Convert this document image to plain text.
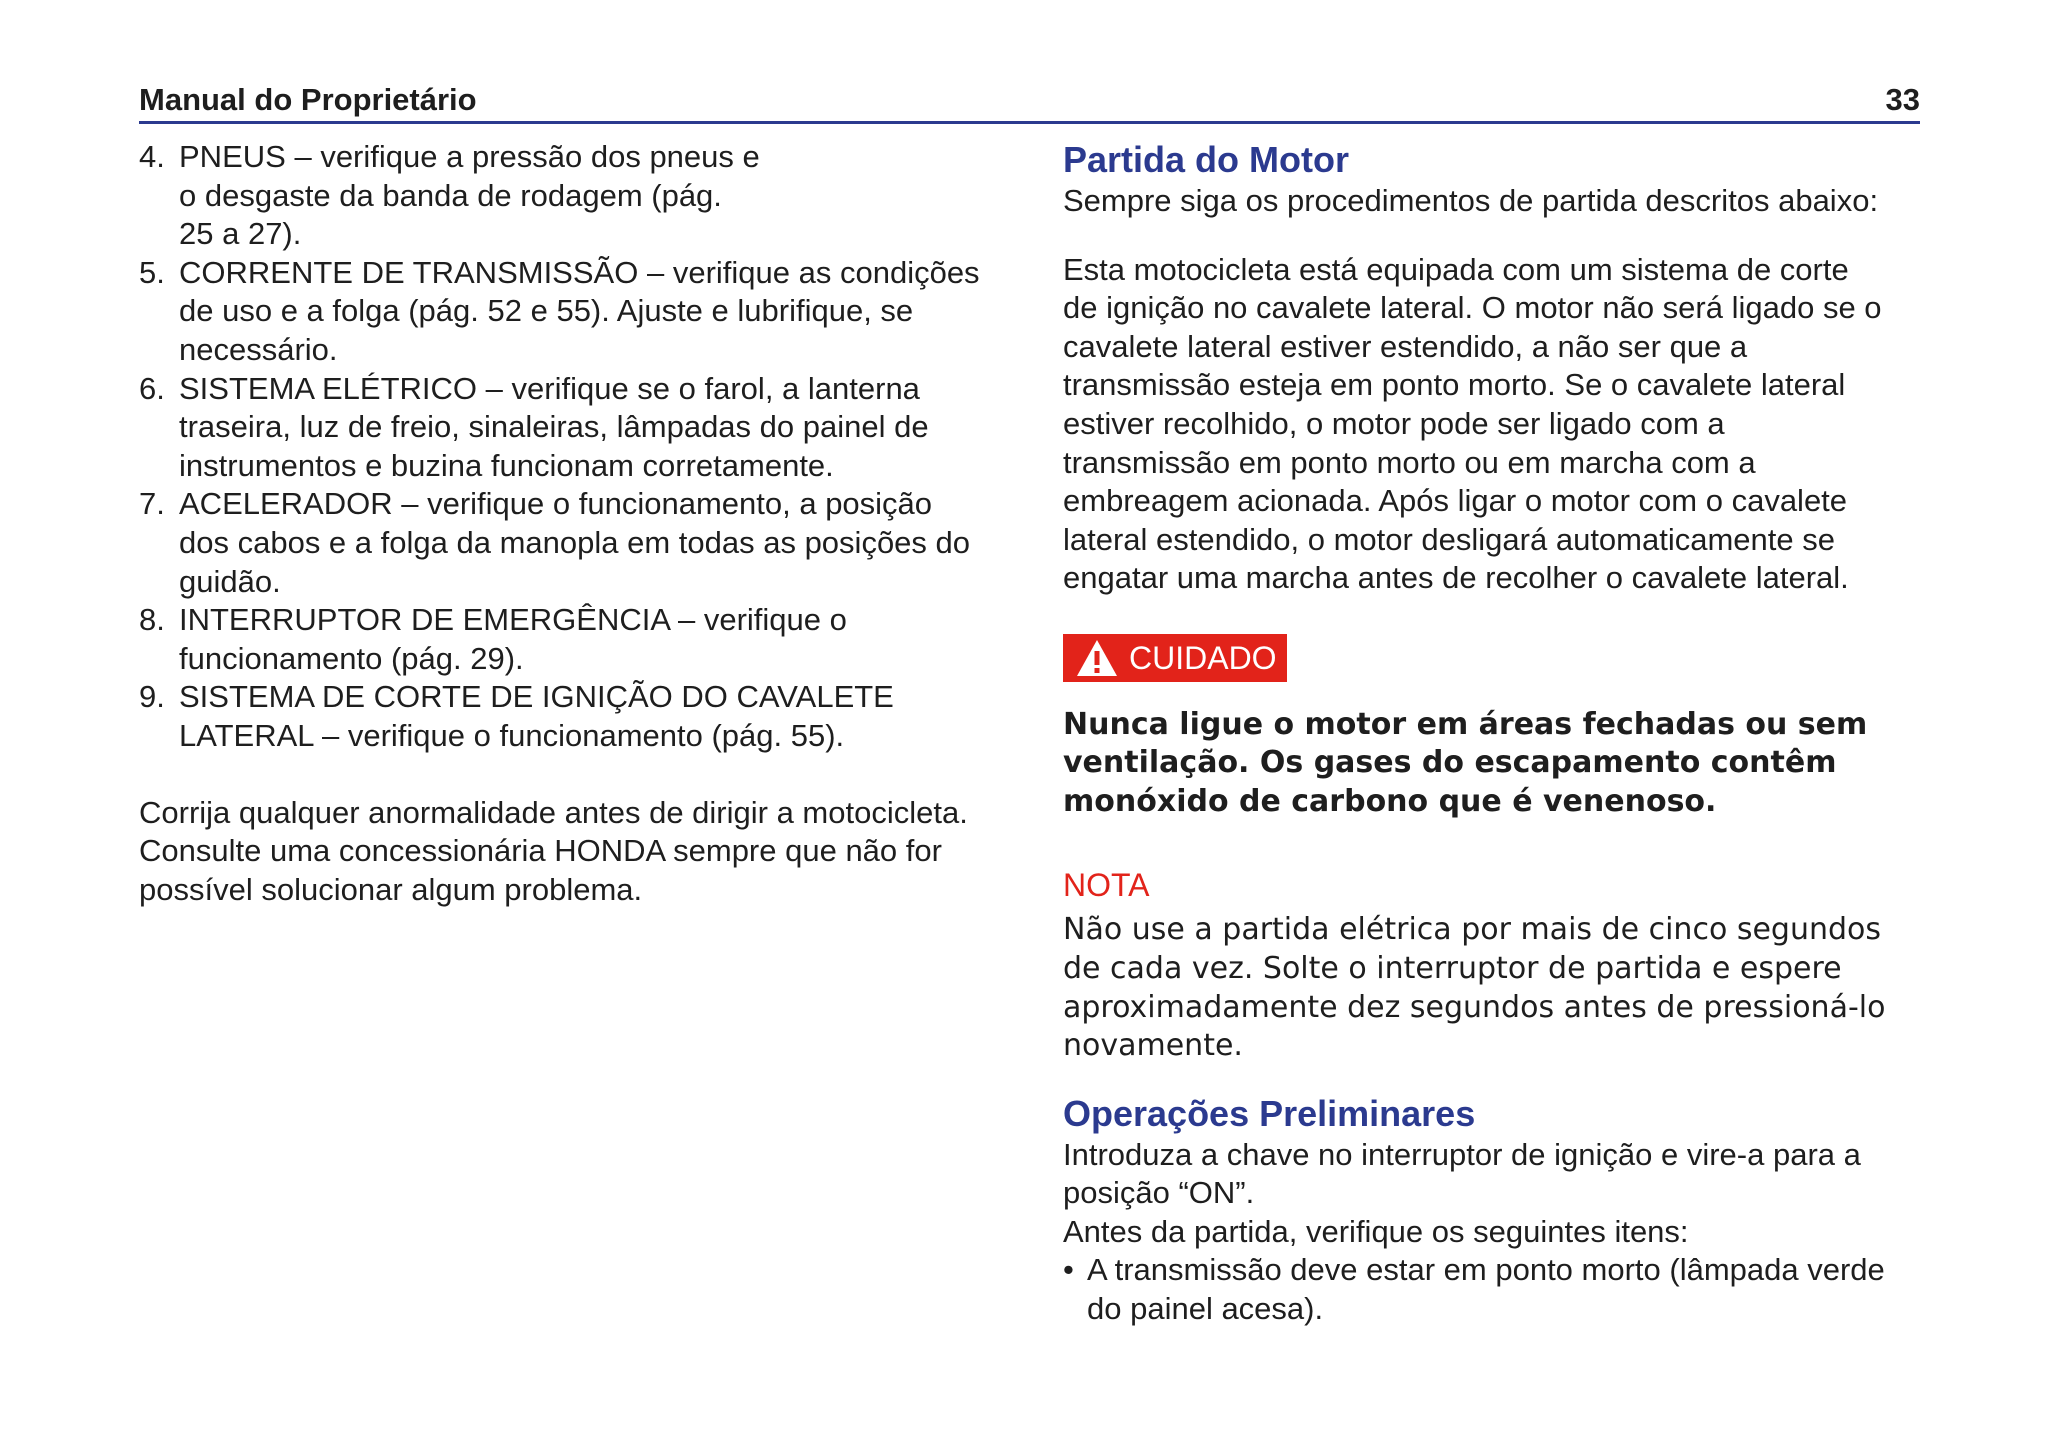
Manual do Proprietário	33
4. PNEUS – verifique a pressão dos pneus e
o desgaste da banda de rodagem (pág.
25 a 27).
5. CORRENTE DE TRANSMISSÃO – verifique as condições
de uso e a folga (pág. 52 e 55). Ajuste e lubrifique, se
necessário.
6. SISTEMA ELÉTRICO – verifique se o farol, a lanterna
traseira, luz de freio, sinaleiras, lâmpadas do painel de
instrumentos e buzina funcionam corretamente.
7. ACELERADOR – verifique o funcionamento, a posição
dos cabos e a folga da manopla em todas as posições do
guidão.
8. INTERRUPTOR DE EMERGÊNCIA – verifique o
funcionamento (pág. 29).
9. SISTEMA DE CORTE DE IGNIÇÃO DO CAVALETE
LATERAL – verifique o funcionamento (pág. 55).

Corrija qualquer anormalidade antes de dirigir a motocicleta.
Consulte uma concessionária HONDA sempre que não for
possível solucionar algum problema.

Partida do Motor

Sempre siga os procedimentos de partida descritos abaixo:

Esta motocicleta está equipada com um sistema de corte
de ignição no cavalete lateral. O motor não será ligado se o
cavalete lateral estiver estendido, a não ser que a
transmissão esteja em ponto morto. Se o cavalete lateral
estiver recolhido, o motor pode ser ligado com a
transmissão em ponto morto ou em marcha com a
embreagem acionada. Após ligar o motor com o cavalete
lateral estendido, o motor desligará automaticamente se
engatar uma marcha antes de recolher o cavalete lateral.

CUIDADO

Nunca ligue o motor em áreas fechadas ou sem
ventilação. Os gases do escapamento contêm
monóxido de carbono que é venenoso.

NOTA

Não use a partida elétrica por mais de cinco segundos
de cada vez. Solte o interruptor de partida e espere
aproximadamente dez segundos antes de pressioná-lo
novamente.

Operações Preliminares

Introduza a chave no interruptor de ignição e vire-a para a
posição “ON”.
Antes da partida, verifique os seguintes itens:

• A transmissão deve estar em ponto morto (lâmpada verde
do painel acesa).
